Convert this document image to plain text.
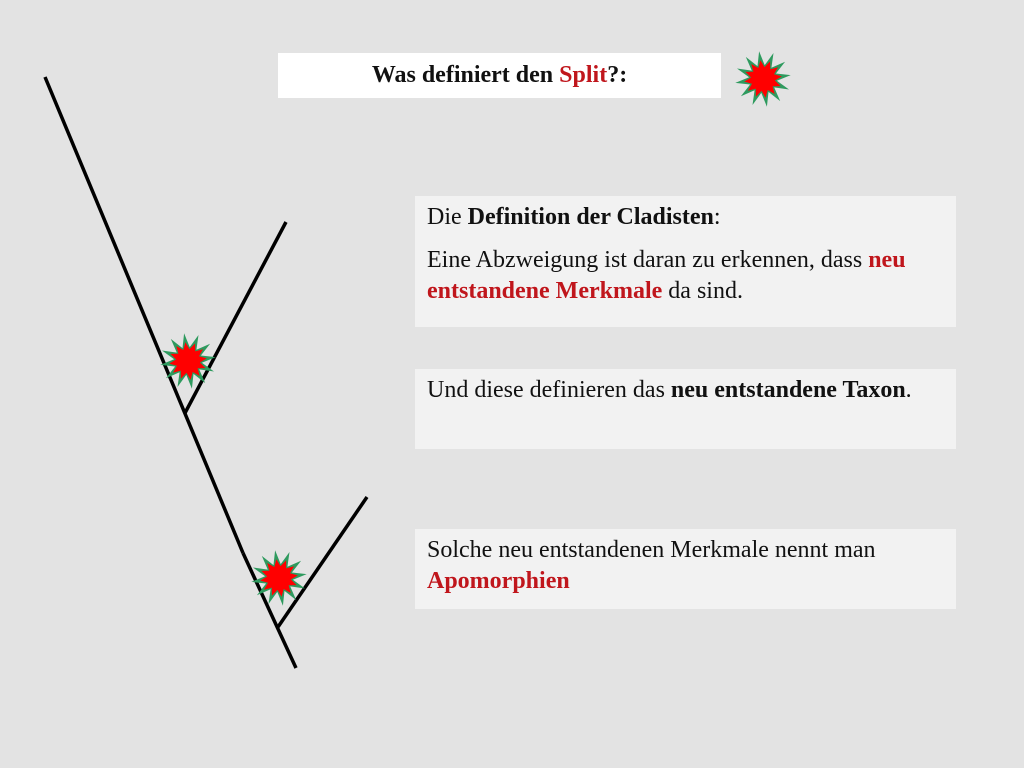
Was definiert den Split?:

Die Definition der Cladisten:

Eine Abzweigung ist daran zu erkennen, dass neu entstandene Merkmale da sind.

Und diese definieren das neu entstandene Taxon.

Solche neu entstandenen Merkmale nennt man Apomorphien
